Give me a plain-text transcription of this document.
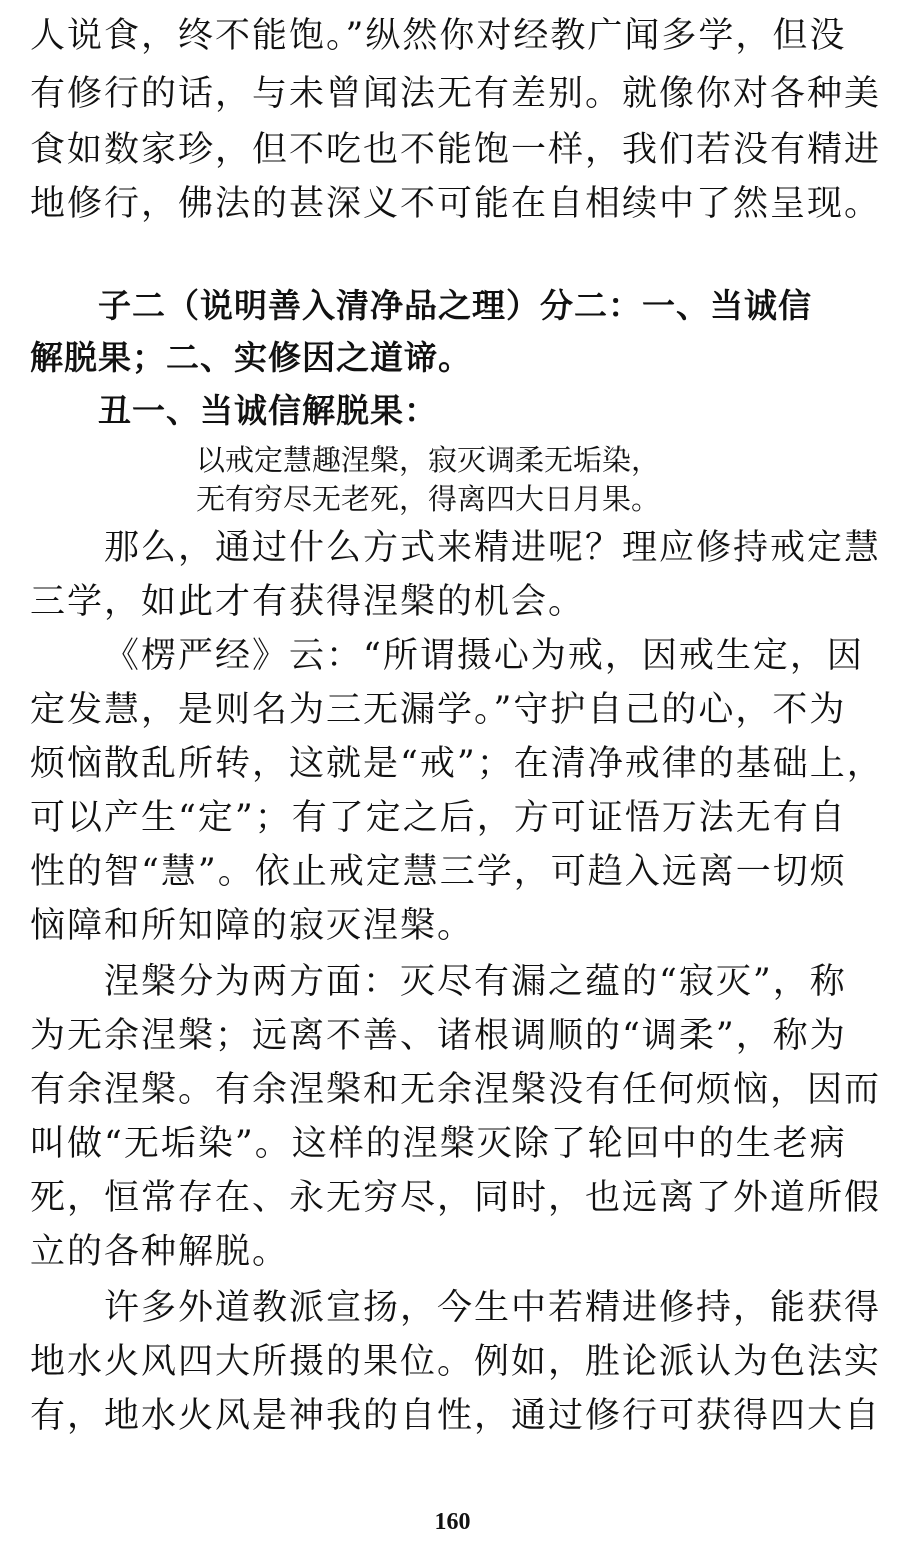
人说食，终不能饱。”纵然你对经教广闻多学，但没
有修行的话，与未曾闻法无有差别。就像你对各种美
食如数家珍，但不吃也不能饱一样，我们若没有精进
地修行，佛法的甚深义不可能在自相续中了然呈现。
子二（说明善入清净品之理）分二：一、当诚信
解脱果；二、实修因之道谛。
丑一、当诚信解脱果：
以戒定慧趣涅槃，寂灭调柔无垢染，
无有穷尽无老死，得离四大日月果。
那么，通过什么方式来精进呢？理应修持戒定慧
三学，如此才有获得涅槃的机会。
《楞严经》云：“所谓摄心为戒，因戒生定，因
定发慧，是则名为三无漏学。”守护自己的心，不为
烦恼散乱所转，这就是“戒”；在清净戒律的基础上，
可以产生“定”；有了定之后，方可证悟万法无有自
性的智“慧”。依止戒定慧三学，可趋入远离一切烦
恼障和所知障的寂灭涅槃。
涅槃分为两方面：灭尽有漏之蕴的“寂灭”，称
为无余涅槃；远离不善、诸根调顺的“调柔”，称为
有余涅槃。有余涅槃和无余涅槃没有任何烦恼，因而
叫做“无垢染”。这样的涅槃灭除了轮回中的生老病
死，恒常存在、永无穷尽，同时，也远离了外道所假
立的各种解脱。
许多外道教派宣扬，今生中若精进修持，能获得
地水火风四大所摄的果位。例如，胜论派认为色法实
有，地水火风是神我的自性，通过修行可获得四大自
160
